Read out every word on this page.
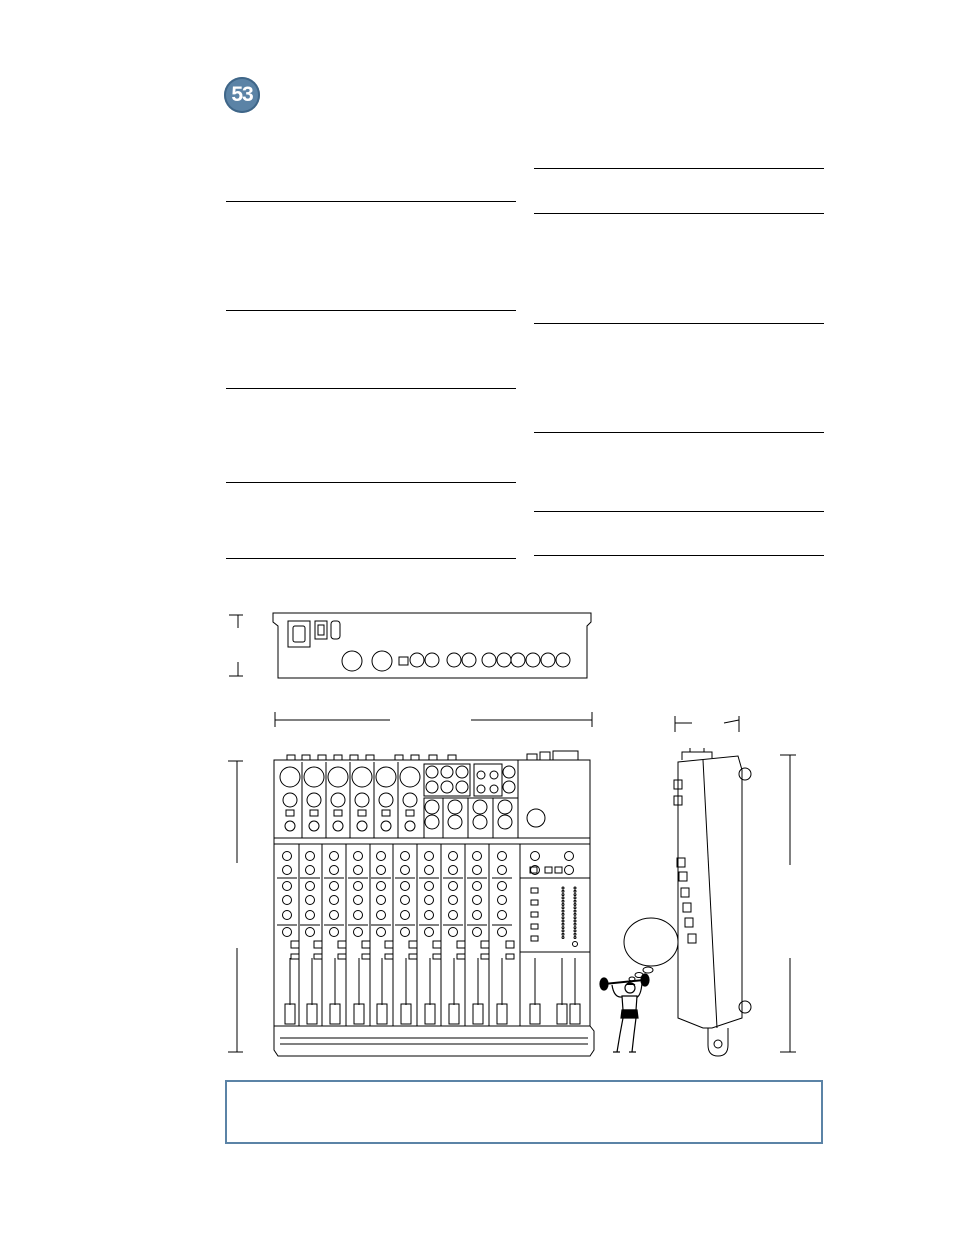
53
